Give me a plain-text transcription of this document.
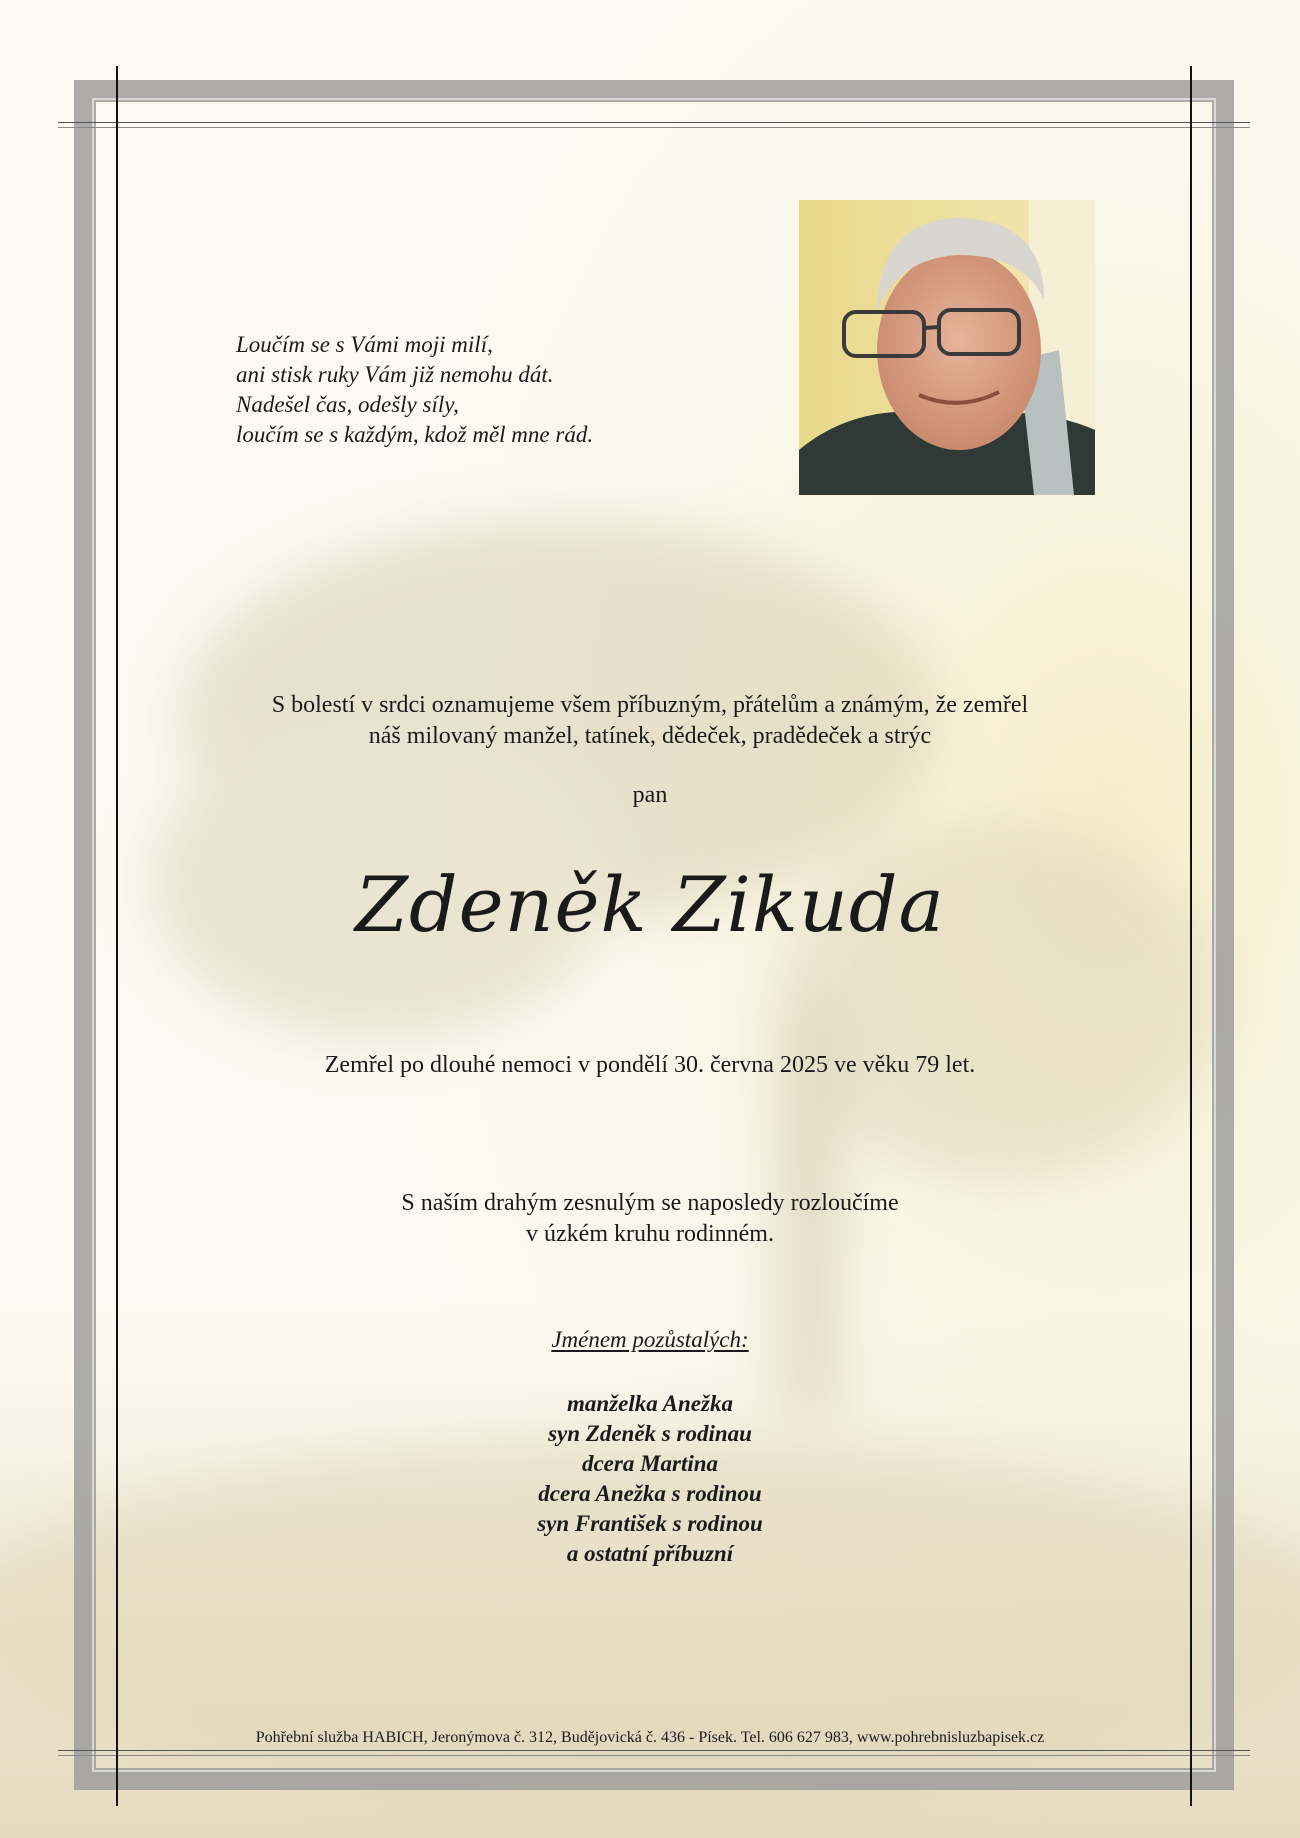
Loučím se s Vámi moji milí,
ani stisk ruky Vám již nemohu dát.
Nadešel čas, odešly síly,
loučím se s každým, kdož měl mne rád.
S bolestí v srdci oznamujeme všem příbuzným, přátelům a známým, že zemřel
náš milovaný manžel, tatínek, dědeček, pradědeček a strýc
pan
Zdeněk Zikuda
Zemřel po dlouhé nemoci v pondělí 30. června 2025 ve věku 79 let.
S naším drahým zesnulým se naposledy rozloučíme
v úzkém kruhu rodinném.
Jménem pozůstalých:
manželka Anežka
syn Zdeněk s rodinau
dcera Martina
dcera Anežka s rodinou
syn František s rodinou
a ostatní příbuzní
Pohřební služba HABICH, Jeronýmova č. 312, Budějovická č. 436 - Písek. Tel. 606 627 983, www.pohrebnisluzbapisek.cz
